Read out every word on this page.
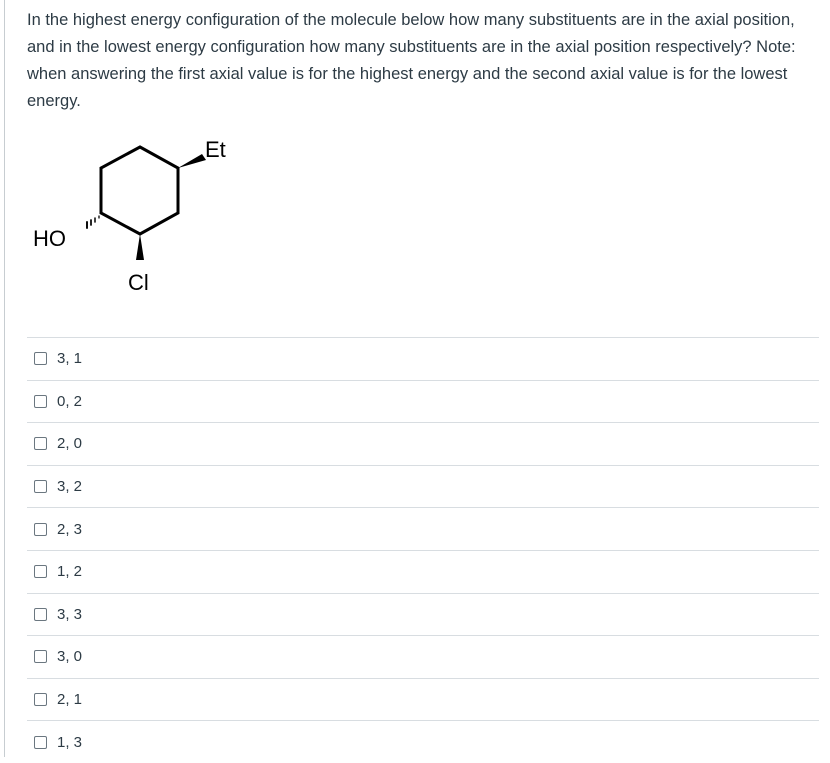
In the highest energy configuration of the molecule below how many substituents are in the axial position, and in the lowest energy configuration how many substituents are in the axial position respectively? Note: when answering the first axial value is for the highest energy and the second axial value is for the lowest energy.
Et
HO
Cl
3, 1
0, 2
2, 0
3, 2
2, 3
1, 2
3, 3
3, 0
2, 1
1, 3
